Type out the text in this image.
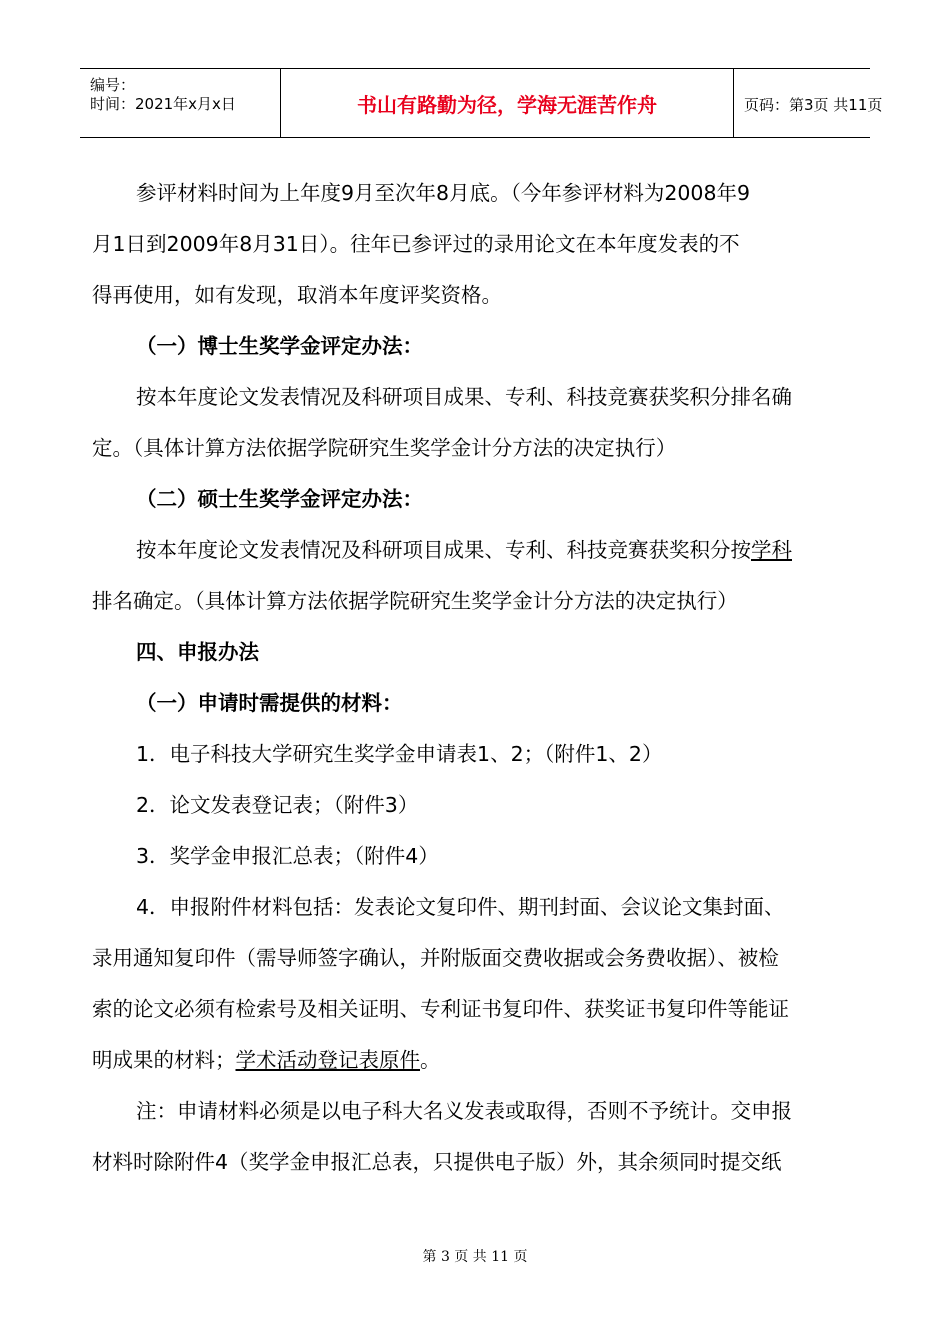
编号：
时间：2021年x月x日	书山有路勤为径，学海无涯苦作舟	页码：第3页 共11页

参评材料时间为上年度9月至次年8月底。（今年参评材料为2008年9

月1日到2009年8月31日）。往年已参评过的录用论文在本年度发表的不

得再使用，如有发现，取消本年度评奖资格。

（一）博士生奖学金评定办法：

按本年度论文发表情况及科研项目成果、专利、科技竞赛获奖积分排名确

定。（具体计算方法依据学院研究生奖学金计分方法的决定执行）

（二）硕士生奖学金评定办法：

按本年度论文发表情况及科研项目成果、专利、科技竞赛获奖积分按学科

排名确定。（具体计算方法依据学院研究生奖学金计分方法的决定执行）

四、申报办法

（一）申请时需提供的材料：

1．电子科技大学研究生奖学金申请表1、2；（附件1、2）

2．论文发表登记表；（附件3）

3．奖学金申报汇总表；（附件4）

4．申报附件材料包括：发表论文复印件、期刊封面、会议论文集封面、

录用通知复印件（需导师签字确认，并附版面交费收据或会务费收据）、被检

索的论文必须有检索号及相关证明、专利证书复印件、获奖证书复印件等能证

明成果的材料；学术活动登记表原件。

注：申请材料必须是以电子科大名义发表或取得，否则不予统计。交申报

材料时除附件4（奖学金申报汇总表，只提供电子版）外，其余须同时提交纸

第 3 页 共 11 页
